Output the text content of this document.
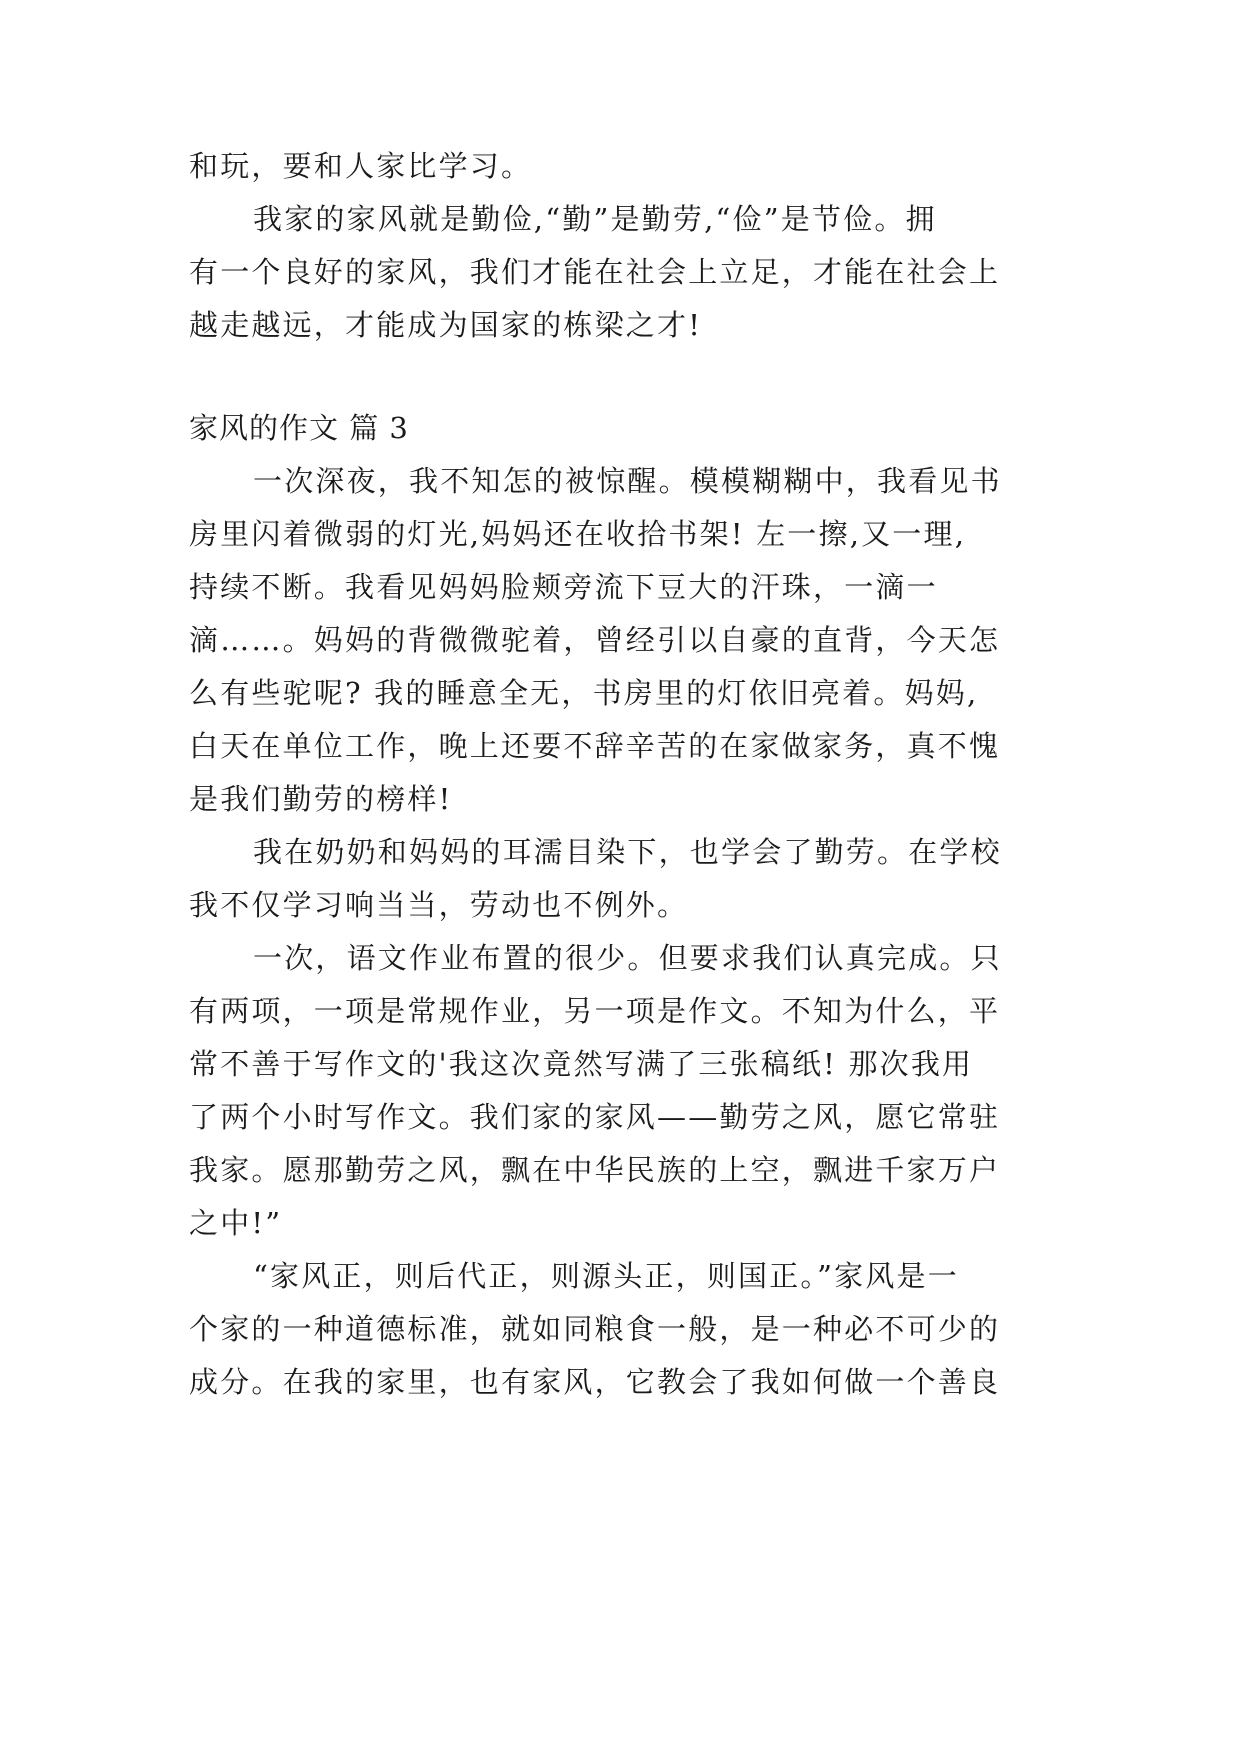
和玩，要和人家比学习。
我家的家风就是勤俭,“勤”是勤劳,“俭”是节俭。拥
有一个良好的家风，我们才能在社会上立足，才能在社会上
越走越远，才能成为国家的栋梁之才!
家风的作文 篇 3
一次深夜，我不知怎的被惊醒。模模糊糊中，我看见书
房里闪着微弱的灯光,妈妈还在收拾书架! 左一擦,又一理,
持续不断。我看见妈妈脸颊旁流下豆大的汗珠，一滴一
滴……。妈妈的背微微驼着，曾经引以自豪的直背，今天怎
么有些驼呢? 我的睡意全无，书房里的灯依旧亮着。妈妈,
白天在单位工作，晚上还要不辞辛苦的在家做家务，真不愧
是我们勤劳的榜样!
我在奶奶和妈妈的耳濡目染下，也学会了勤劳。在学校
我不仅学习响当当，劳动也不例外。
一次，语文作业布置的很少。但要求我们认真完成。只
有两项，一项是常规作业，另一项是作文。不知为什么，平
常不善于写作文的'我这次竟然写满了三张稿纸! 那次我用
了两个小时写作文。我们家的家风——勤劳之风，愿它常驻
我家。愿那勤劳之风，飘在中华民族的上空，飘进千家万户
之中!”
“家风正，则后代正，则源头正，则国正。”家风是一
个家的一种道德标准，就如同粮食一般，是一种必不可少的
成分。在我的家里，也有家风，它教会了我如何做一个善良
